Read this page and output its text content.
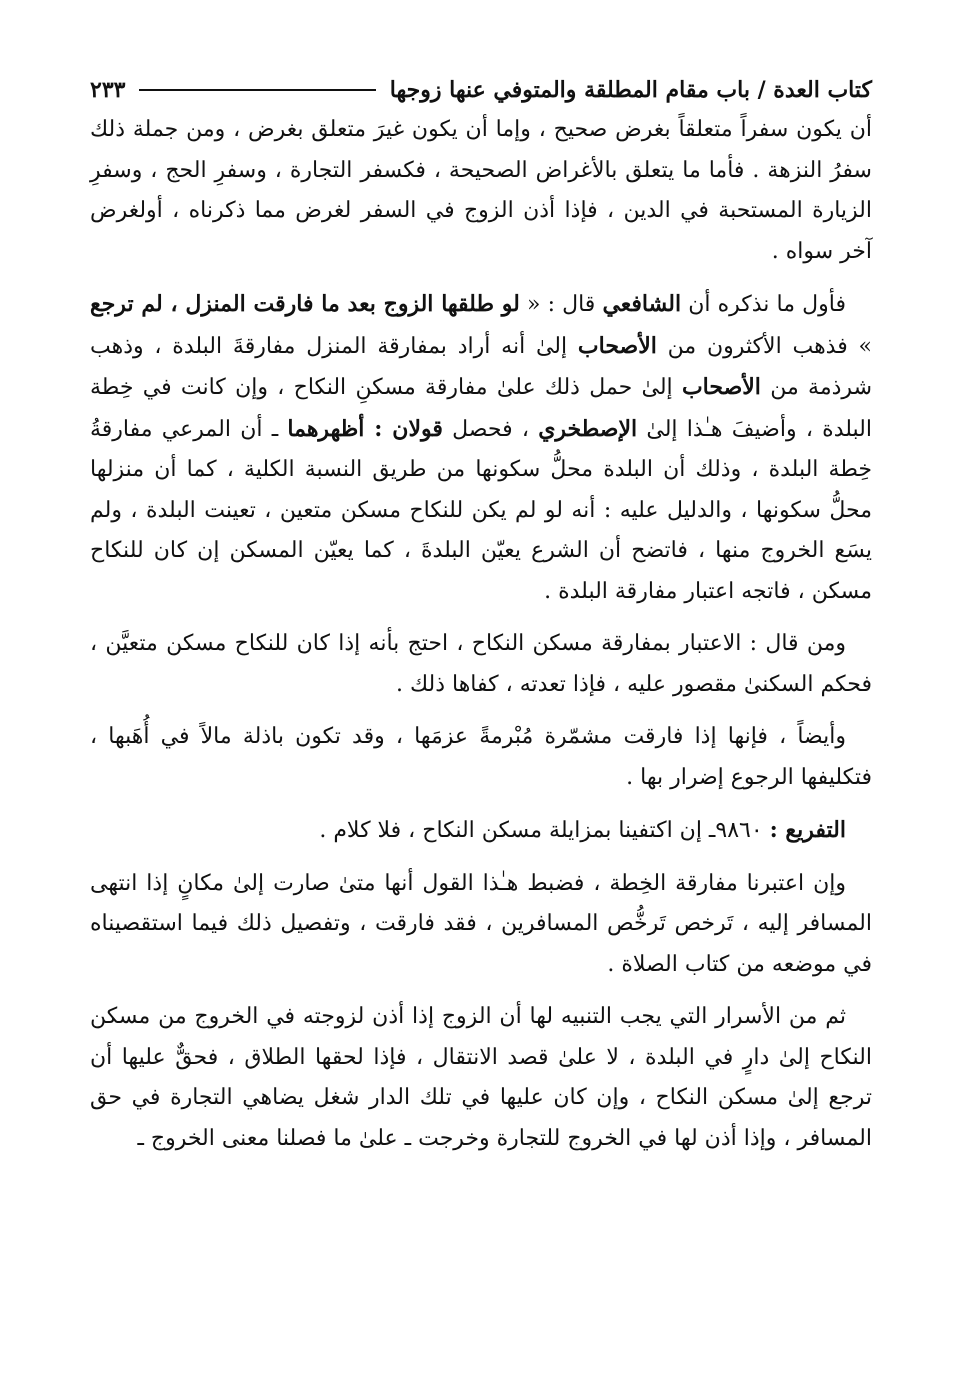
كتاب العدة / باب مقام المطلقة والمتوفي عنها زوجها
٢٣٣

أن يكون سفراً متعلقاً بغرض صحيح ، وإما أن يكون غيرَ متعلق بغرض ، ومن جملة ذلك سفرُ النزهة . فأما ما يتعلق بالأغراض الصحيحة ، فكسفر التجارة ، وسفرِ الحج ، وسفرِ الزيارة المستحبة في الدين ، فإذا أذن الزوج في السفر لغرض مما ذكرناه ، أولغرض آخر سواه .

فأول ما نذكره أن الشافعي قال : « لو طلقها الزوج بعد ما فارقت المنزل ، لم ترجع » فذهب الأكثرون من الأصحاب إلىٰ أنه أراد بمفارقة المنزل مفارقةَ البلدة ، وذهب شرذمة من الأصحاب إلىٰ حمل ذلك علىٰ مفارقة مسكنِ النكاح ، وإن كانت في خِطة البلدة ، وأضيفَ هـٰذا إلىٰ الإصطخري ، فحصل قولان : أظهرهما ـ أن المرعي مفارقةُ خِطة البلدة ، وذلك أن البلدة محلُّ سكونها من طريق النسبة الكلية ، كما أن منزلها محلُّ سكونها ، والدليل عليه : أنه لو لم يكن للنكاح مسكن متعين ، تعينت البلدة ، ولم يسَع الخروج منها ، فاتضح أن الشرع يعيّن البلدةَ ، كما يعيّن المسكن إن كان للنكاح مسكن ، فاتجه اعتبار مفارقة البلدة .

ومن قال : الاعتبار بمفارقة مسكن النكاح ، احتج بأنه إذا كان للنكاح مسكن متعيَّن ، فحكم السكنىٰ مقصور عليه ، فإذا تعدته ، كفاها ذلك .

وأيضاً ، فإنها إذا فارقت مشمّرة مُبْرمةً عزمَها ، وقد تكون باذلة مالاً في أُهَبها ، فتكليفها الرجوع إضرار بها .

التفريع : ٩٨٦٠ـ إن اكتفينا بمزايلة مسكن النكاح ، فلا كلام .

وإن اعتبرنا مفارقة الخِطة ، فضبط هـٰذا القول أنها متىٰ صارت إلىٰ مكانٍ إذا انتهى المسافر إليه ، تَرخص تَرخُّص المسافرين ، فقد فارقت ، وتفصيل ذلك فيما استقصيناه في موضعه من كتاب الصلاة .

ثم من الأسرار التي يجب التنبيه لها أن الزوج إذا أذن لزوجته في الخروج من مسكن النكاح إلىٰ دارٍ في البلدة ، لا علىٰ قصد الانتقال ، فإذا لحقها الطلاق ، فحقٌّ عليها أن ترجع إلىٰ مسكن النكاح ، وإن كان عليها في تلك الدار شغل يضاهي التجارة في حق المسافر ، وإذا أذن لها في الخروج للتجارة وخرجت ـ علىٰ ما فصلنا معنى الخروج ـ
